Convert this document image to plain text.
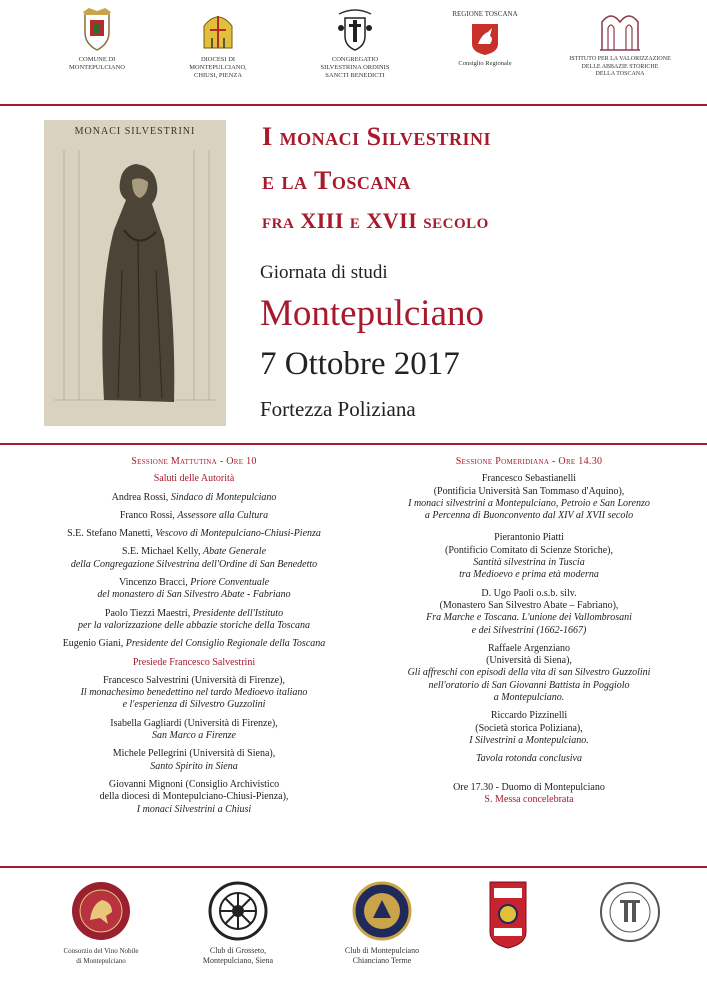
COMUNE DI
MONTEPULCIANO
DIOCESI DI
MONTEPULCIANO,
CHIUSI, PIENZA
CONGREGATIO
SILVESTRINA ORDINIS
SANCTI BENEDICTI
REGIONE TOSCANA
Consiglio Regionale
ISTITUTO PER LA VALORIZZAZIONE
DELLE ABBAZIE STORICHE
DELLA TOSCANA
MONACI SILVESTRINI	I monaci Silvestrini
e la Toscana
fra XIII e XVII secolo
Giornata di studi
Montepulciano
7 Ottobre 2017
Fortezza Poliziana

Sessione Mattutina - Ore 10

Saluti delle Autorità

Andrea Rossi, Sindaco di Montepulciano

Franco Rossi, Assessore alla Cultura

S.E. Stefano Manetti, Vescovo di Montepulciano-Chiusi-Pienza

S.E. Michael Kelly, Abate Generale
della Congregazione Silvestrina dell'Ordine di San Benedetto

Vincenzo Bracci, Priore Conventuale
del monastero di San Silvestro Abate - Fabriano

Paolo Tiezzi Maestri, Presidente dell'Istituto
per la valorizzazione delle abbazie storiche della Toscana

Eugenio Giani, Presidente del Consiglio Regionale della Toscana

Presiede Francesco Salvestrini

Francesco Salvestrini (Università di Firenze),
Il monachesimo benedettino nel tardo Medioevo italiano
e l'esperienza di Silvestro Guzzolini

Isabella Gagliardi (Università di Firenze),
San Marco a Firenze

Michele Pellegrini (Università di Siena),
Santo Spirito in Siena

Giovanni Mignoni (Consiglio Archivistico
della diocesi di Montepulciano-Chiusi-Pienza),
I monaci Silvestrini a Chiusi

Sessione Pomeridiana - Ore 14.30

Francesco Sebastianelli
(Pontificia Università San Tommaso d'Aquino),
I monaci silvestrini a Montepulciano, Petroio e San Lorenzo
a Percenna di Buonconvento dal XIV al XVII secolo

Pierantonio Piatti
(Pontificio Comitato di Scienze Storiche),
Santità silvestrina in Tuscia
tra Medioevo e prima età moderna

D. Ugo Paoli o.s.b. silv.
(Monastero San Silvestro Abate – Fabriano),
Fra Marche e Toscana. L'unione dei Vallombrosani
e dei Silvestrini (1662-1667)

Raffaele Argenziano
(Università di Siena),
Gli affreschi con episodi della vita di san Silvestro Guzzolini
nell'oratorio di San Giovanni Battista in Poggiolo
a Montepulciano.

Riccardo Pizzinelli
(Società storica Poliziana),
I Silvestrini a Montepulciano.

Tavola rotonda conclusiva

Ore 17.30 - Duomo di Montepulciano

S. Messa concelebrata

Consorzio del Vino Nobile
di Montepulciano
Club di Grosseto,
Montepulciano, Siena
Club di Montepulciano
Chianciano Terme
